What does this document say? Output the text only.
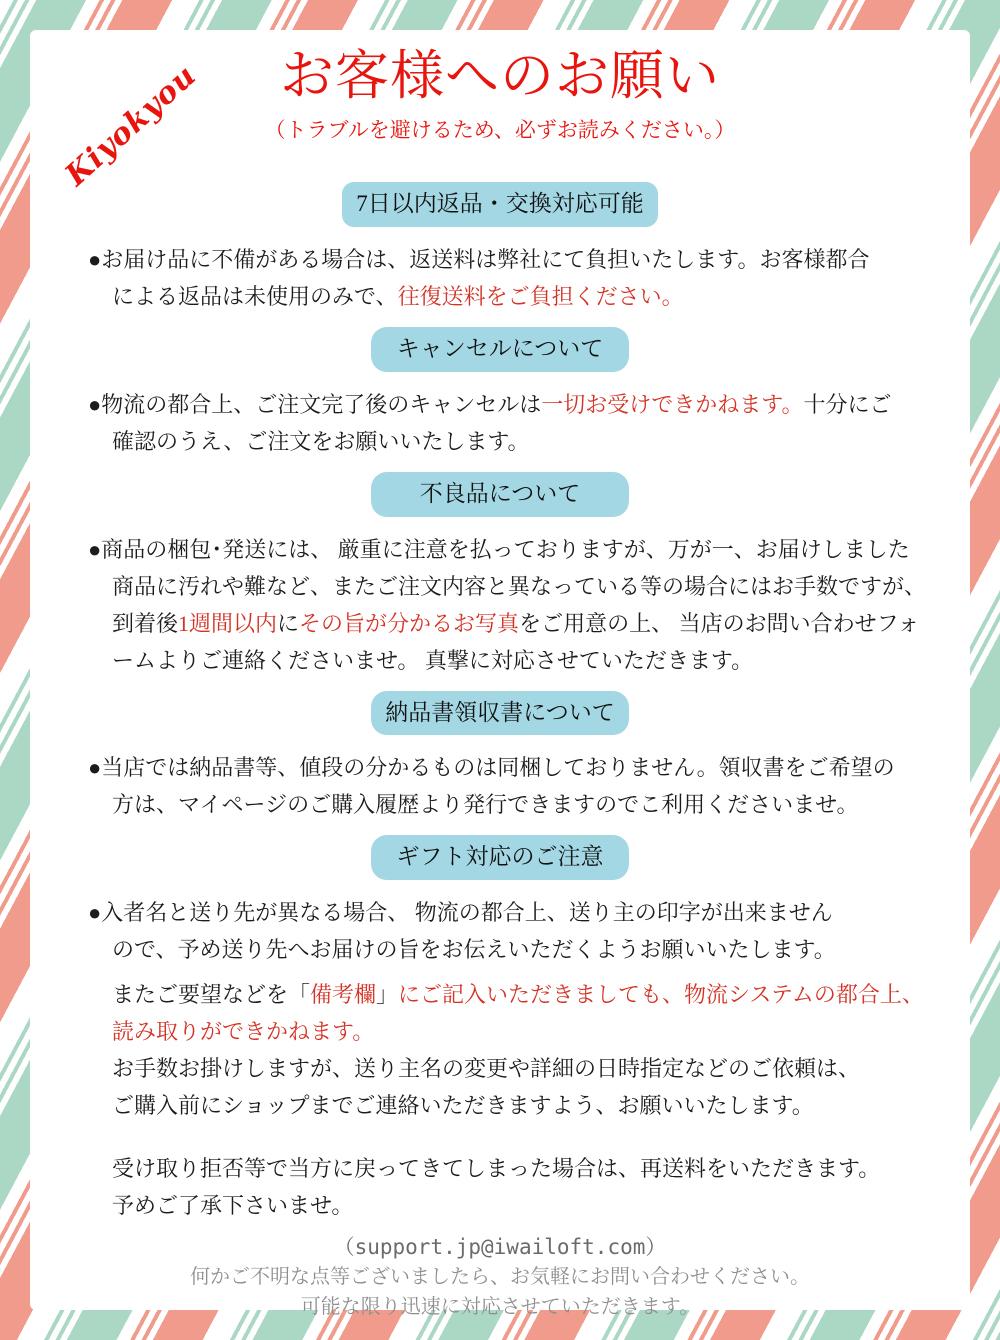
Kiyokyou	お客様へのお願い
（トラブルを避けるため、必ずお読みください。）
7日以内返品・交換対応可能
●お届け品に不備がある場合は、返送料は弊社にて負担いたします。お客様都合
による返品は未使用のみで、往復送料をご負担ください。
キャンセルについて
●物流の都合上、ご注文完了後のキャンセルは一切お受けできかねます。十分にご
確認のうえ、ご注文をお願いいたします。
不良品について
●商品の梱包･発送には、 厳重に注意を払っておりますが、万が一、お届けしました
商品に汚れや難など、またご注文内容と異なっている等の場合にはお手数ですが、
到着後1週間以内にその旨が分かるお写真をご用意の上、 当店のお問い合わせフォ
ームよりご連絡くださいませ。 真撃に対応させていただきます。
納品書領収書について
●当店では納品書等、値段の分かるものは同梱しておりません。領収書をご希望の
方は、マイページのご購入履歴より発行できますのでこ利用くださいませ。
ギフト対応のご注意
●入者名と送り先が異なる場合、 物流の都合上、送り主の印字が出来ません
ので、予め送り先へお届けの旨をお伝えいただくようお願いいたします。
またご要望などを「備考欄」にご記入いただきましても、物流システムの都合上、
読み取りができかねます。
お手数お掛けしますが、送り主名の変更や詳細の日時指定などのご依頼は、
ご購入前にショップまでご連絡いただきますよう、お願いいたします。
受け取り拒否等で当方に戻ってきてしまった場合は、再送料をいただきます。
予めご了承下さいませ。
（support.jp@iwailoft.com）
何かご不明な点等ございましたら、お気軽にお問い合わせください。
可能な限り迅速に対応させていただきます。
